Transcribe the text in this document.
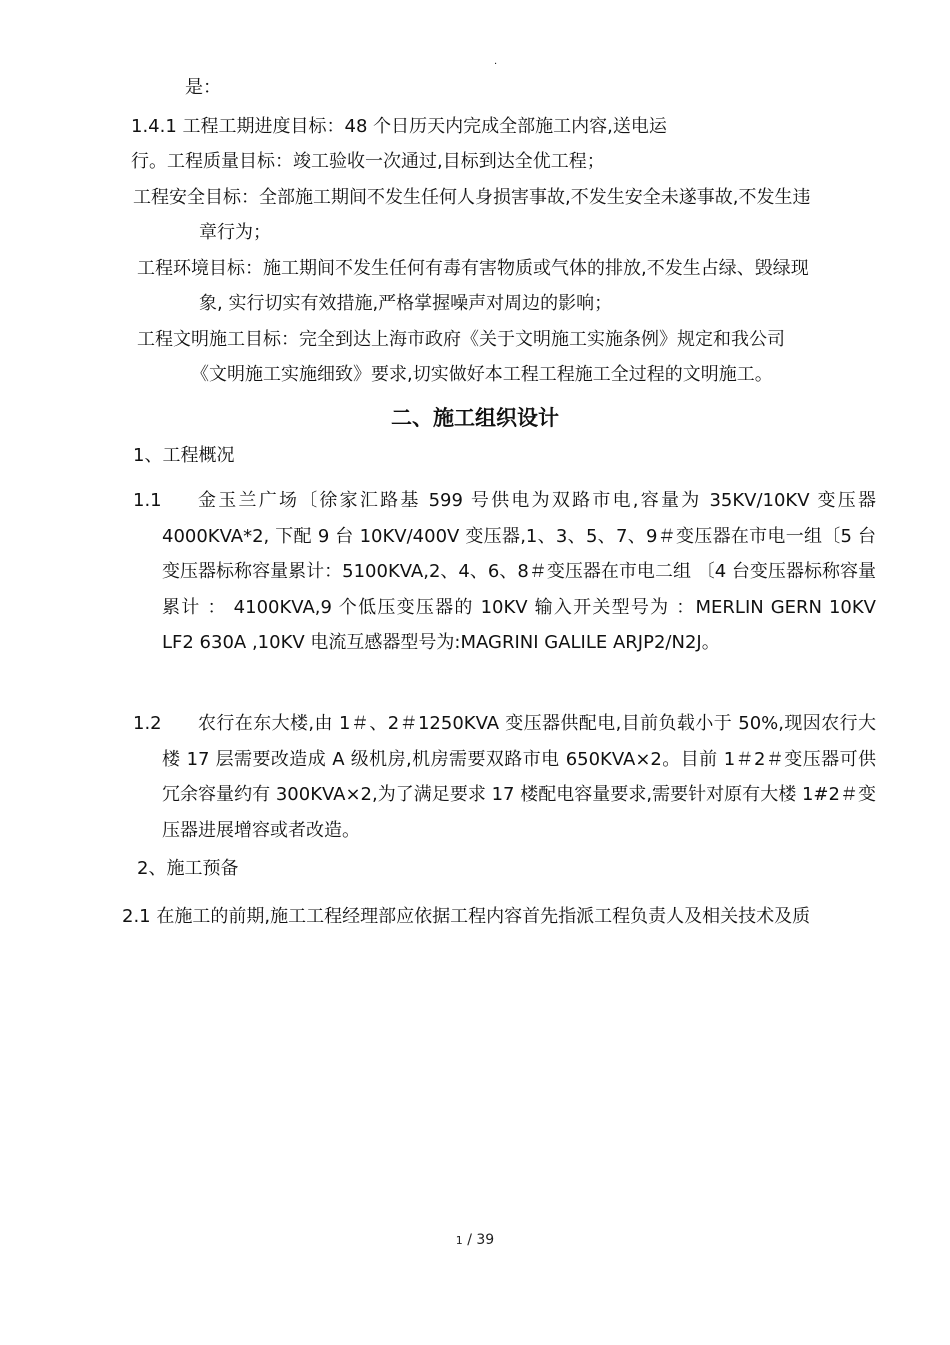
.
是：
1.4.1 工程工期进度目标：48 个日历天内完成全部施工内容,送电运
行。工程质量目标：竣工验收一次通过,目标到达全优工程；
工程安全目标：全部施工期间不发生任何人身损害事故,不发生安全未遂事故,不发生违
章行为；
工程环境目标：施工期间不发生任何有毒有害物质或气体的排放,不发生占绿、毁绿现
象, 实行切实有效措施,严格掌握噪声对周边的影响；
工程文明施工目标：完全到达上海市政府《关于文明施工实施条例》规定和我公司
《文明施工实施细致》要求,切实做好本工程工程施工全过程的文明施工。
二、施工组织设计
1、工程概况
1.1	金玉兰广场〔徐家汇路基 599 号供电为双路市电,容量为 35KV/10KV 变压器 4000KVA*2, 下配 9 台 10KV/400V 变压器,1、3、5、7、9＃变压器在市电一组〔5 台变压器标称容量累计：5100KVA,2、4、6、8＃变压器在市电二组 〔4 台变压器标称容量累计 ： 4100KVA,9 个低压变压器的 10KV 输入开关型号为 ：MERLIN GERN 10KV LF2 630A ,10KV 电流互感器型号为:MAGRINI GALILE ARJP2/N2J。
1.2	农行在东大楼,由 1＃、2＃1250KVA 变压器供配电,目前负载小于 50%,现因农行大楼 17 层需要改造成 A 级机房,机房需要双路市电 650KVA×2。目前 1＃2＃变压器可供冗余容量约有 300KVA×2,为了满足要求 17 楼配电容量要求,需要针对原有大楼 1#2＃变压器进展增容或者改造。
2、施工预备
2.1 在施工的前期,施工工程经理部应依据工程内容首先指派工程负责人及相关技术及质
1 / 39
